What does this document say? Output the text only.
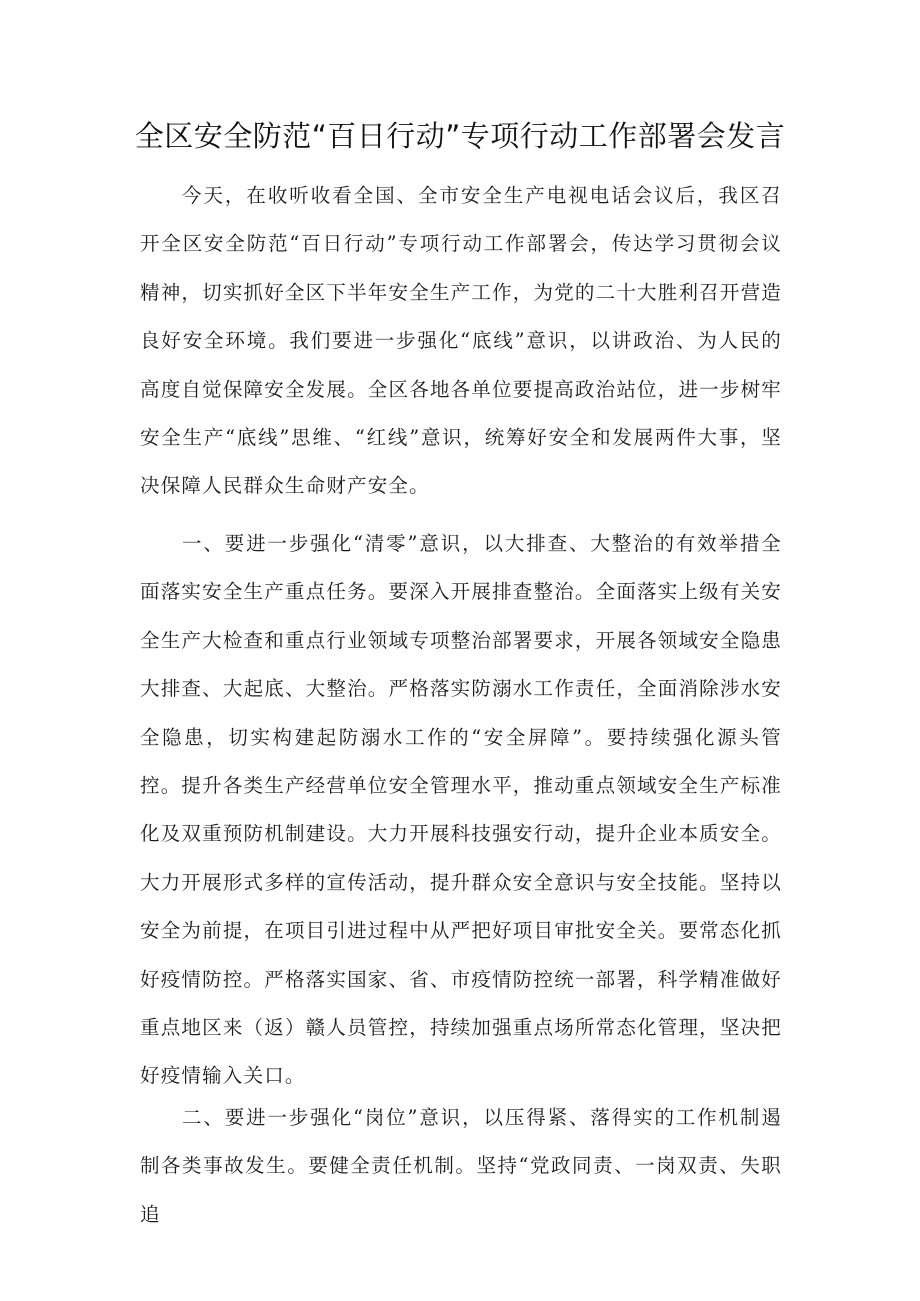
全区安全防范“百日行动”专项行动工作部署会发言

今天，在收听收看全国、全市安全生产电视电话会议后，我区召开全区安全防范“百日行动”专项行动工作部署会，传达学习贯彻会议精神，切实抓好全区下半年安全生产工作，为党的二十大胜利召开营造良好安全环境。我们要进一步强化“底线”意识，以讲政治、为人民的高度自觉保障安全发展。全区各地各单位要提高政治站位，进一步树牢安全生产“底线”思维、“红线”意识，统筹好安全和发展两件大事，坚决保障人民群众生命财产安全。

一、要进一步强化“清零”意识，以大排查、大整治的有效举措全面落实安全生产重点任务。要深入开展排查整治。全面落实上级有关安全生产大检查和重点行业领域专项整治部署要求，开展各领域安全隐患大排查、大起底、大整治。严格落实防溺水工作责任，全面消除涉水安全隐患，切实构建起防溺水工作的“安全屏障”。要持续强化源头管控。提升各类生产经营单位安全管理水平，推动重点领域安全生产标准化及双重预防机制建设。大力开展科技强安行动，提升企业本质安全。大力开展形式多样的宣传活动，提升群众安全意识与安全技能。坚持以安全为前提，在项目引进过程中从严把好项目审批安全关。要常态化抓好疫情防控。严格落实国家、省、市疫情防控统一部署，科学精准做好重点地区来（返）赣人员管控，持续加强重点场所常态化管理，坚决把好疫情输入关口。

二、要进一步强化“岗位”意识，以压得紧、落得实的工作机制遏制各类事故发生。要健全责任机制。坚持“党政同责、一岗双责、失职追
